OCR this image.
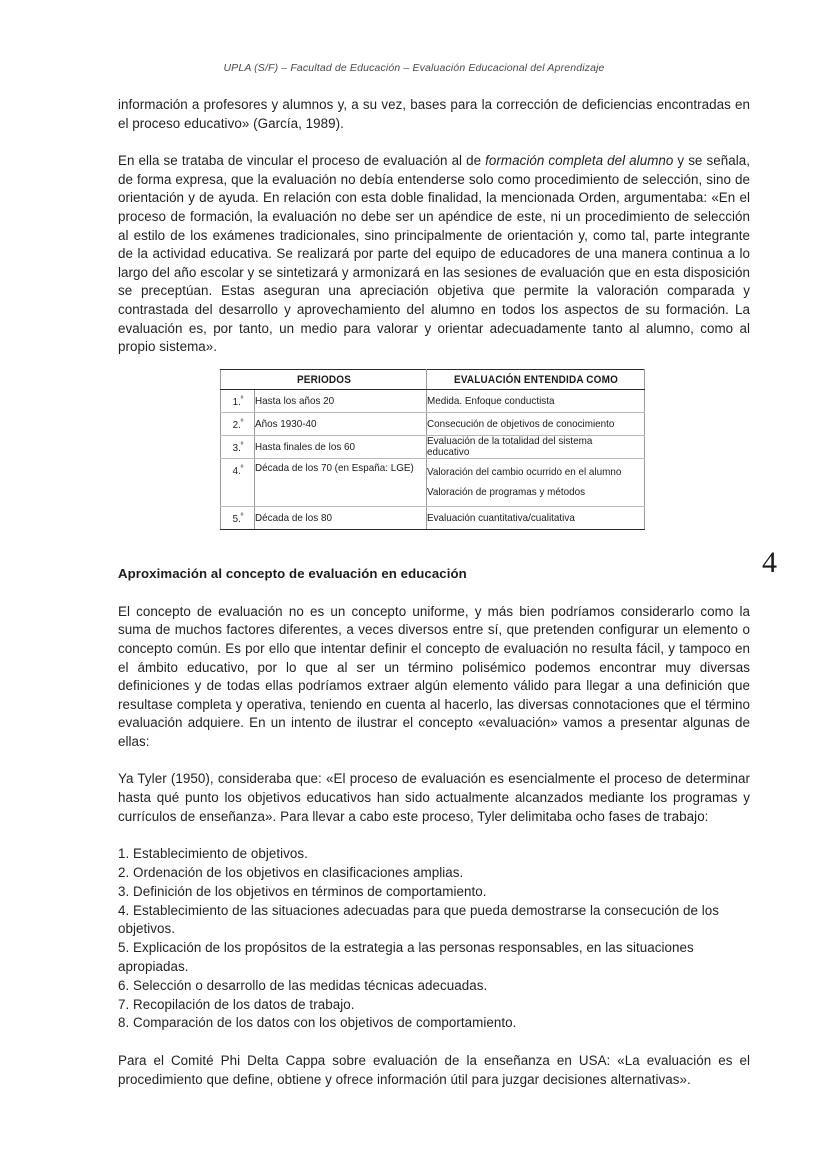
UPLA (S/F) – Facultad de Educación – Evaluación Educacional del Aprendizaje
4

información a profesores y alumnos y, a su vez, bases para la corrección de deficiencias encontradas en el proceso educativo» (García, 1989).

En ella se trataba de vincular el proceso de evaluación al de formación completa del alumno y se señala, de forma expresa, que la evaluación no debía entenderse solo como procedimiento de selección, sino de orientación y de ayuda. En relación con esta doble finalidad, la mencionada Orden, argumentaba: «En el proceso de formación, la evaluación no debe ser un apéndice de este, ni un procedimiento de selección al estilo de los exámenes tradicionales, sino principalmente de orientación y, como tal, parte integrante de la actividad educativa. Se realizará por parte del equipo de educadores de una manera continua a lo largo del año escolar y se sintetizará y armonizará en las sesiones de evaluación que en esta disposición se preceptúan. Estas aseguran una apreciación objetiva que permite la valoración comparada y contrastada del desarrollo y aprovechamiento del alumno en todos los aspectos de su formación. La evaluación es, por tanto, un medio para valorar y orientar adecuadamente tanto al alumno, como al propio sistema».

Aproximación al concepto de evaluación en educación

El concepto de evaluación no es un concepto uniforme, y más bien podríamos considerarlo como la suma de muchos factores diferentes, a veces diversos entre sí, que pretenden configurar un elemento o concepto común. Es por ello que intentar definir el concepto de evaluación no resulta fácil, y tampoco en el ámbito educativo, por lo que al ser un término polisémico podemos encontrar muy diversas definiciones y de todas ellas podríamos extraer algún elemento válido para llegar a una definición que resultase completa y operativa, teniendo en cuenta al hacerlo, las diversas connotaciones que el término evaluación adquiere. En un intento de ilustrar el concepto «evaluación» vamos a presentar algunas de ellas:

Ya Tyler (1950), consideraba que: «El proceso de evaluación es esencialmente el proceso de determinar hasta qué punto los objetivos educativos han sido actualmente alcanzados mediante los programas y currículos de enseñanza». Para llevar a cabo este proceso, Tyler delimitaba ocho fases de trabajo:

1. Establecimiento de objetivos.
2. Ordenación de los objetivos en clasificaciones amplias.
3. Definición de los objetivos en términos de comportamiento.
4. Establecimiento de las situaciones adecuadas para que pueda demostrarse la consecución de los objetivos.
5. Explicación de los propósitos de la estrategia a las personas responsables, en las situaciones apropiadas.
6. Selección o desarrollo de las medidas técnicas adecuadas.
7. Recopilación de los datos de trabajo.
8. Comparación de los datos con los objetivos de comportamiento.

Para el Comité Phi Delta Cappa sobre evaluación de la enseñanza en USA: «La evaluación es el procedimiento que define, obtiene y ofrece información útil para juzgar decisiones alternativas».

PERIODOS		EVALUACIÓN ENTENDIDA COMO
1.$^º$	Hasta los años 20	Medida. Enfoque conductista
2.$^º$	Años 1930-40	Consecución de objetivos de conocimiento
3.$^º$	Hasta finales de los 60	Evaluación de la totalidad del sistema educativo
4.$^º$	Década de los 70 (en España: LGE)	Valoración del cambio ocurrido en el alumno Valoración de programas y métodos
5.$^º$	Década de los 80	Evaluación cuantitativa/cualitativa
